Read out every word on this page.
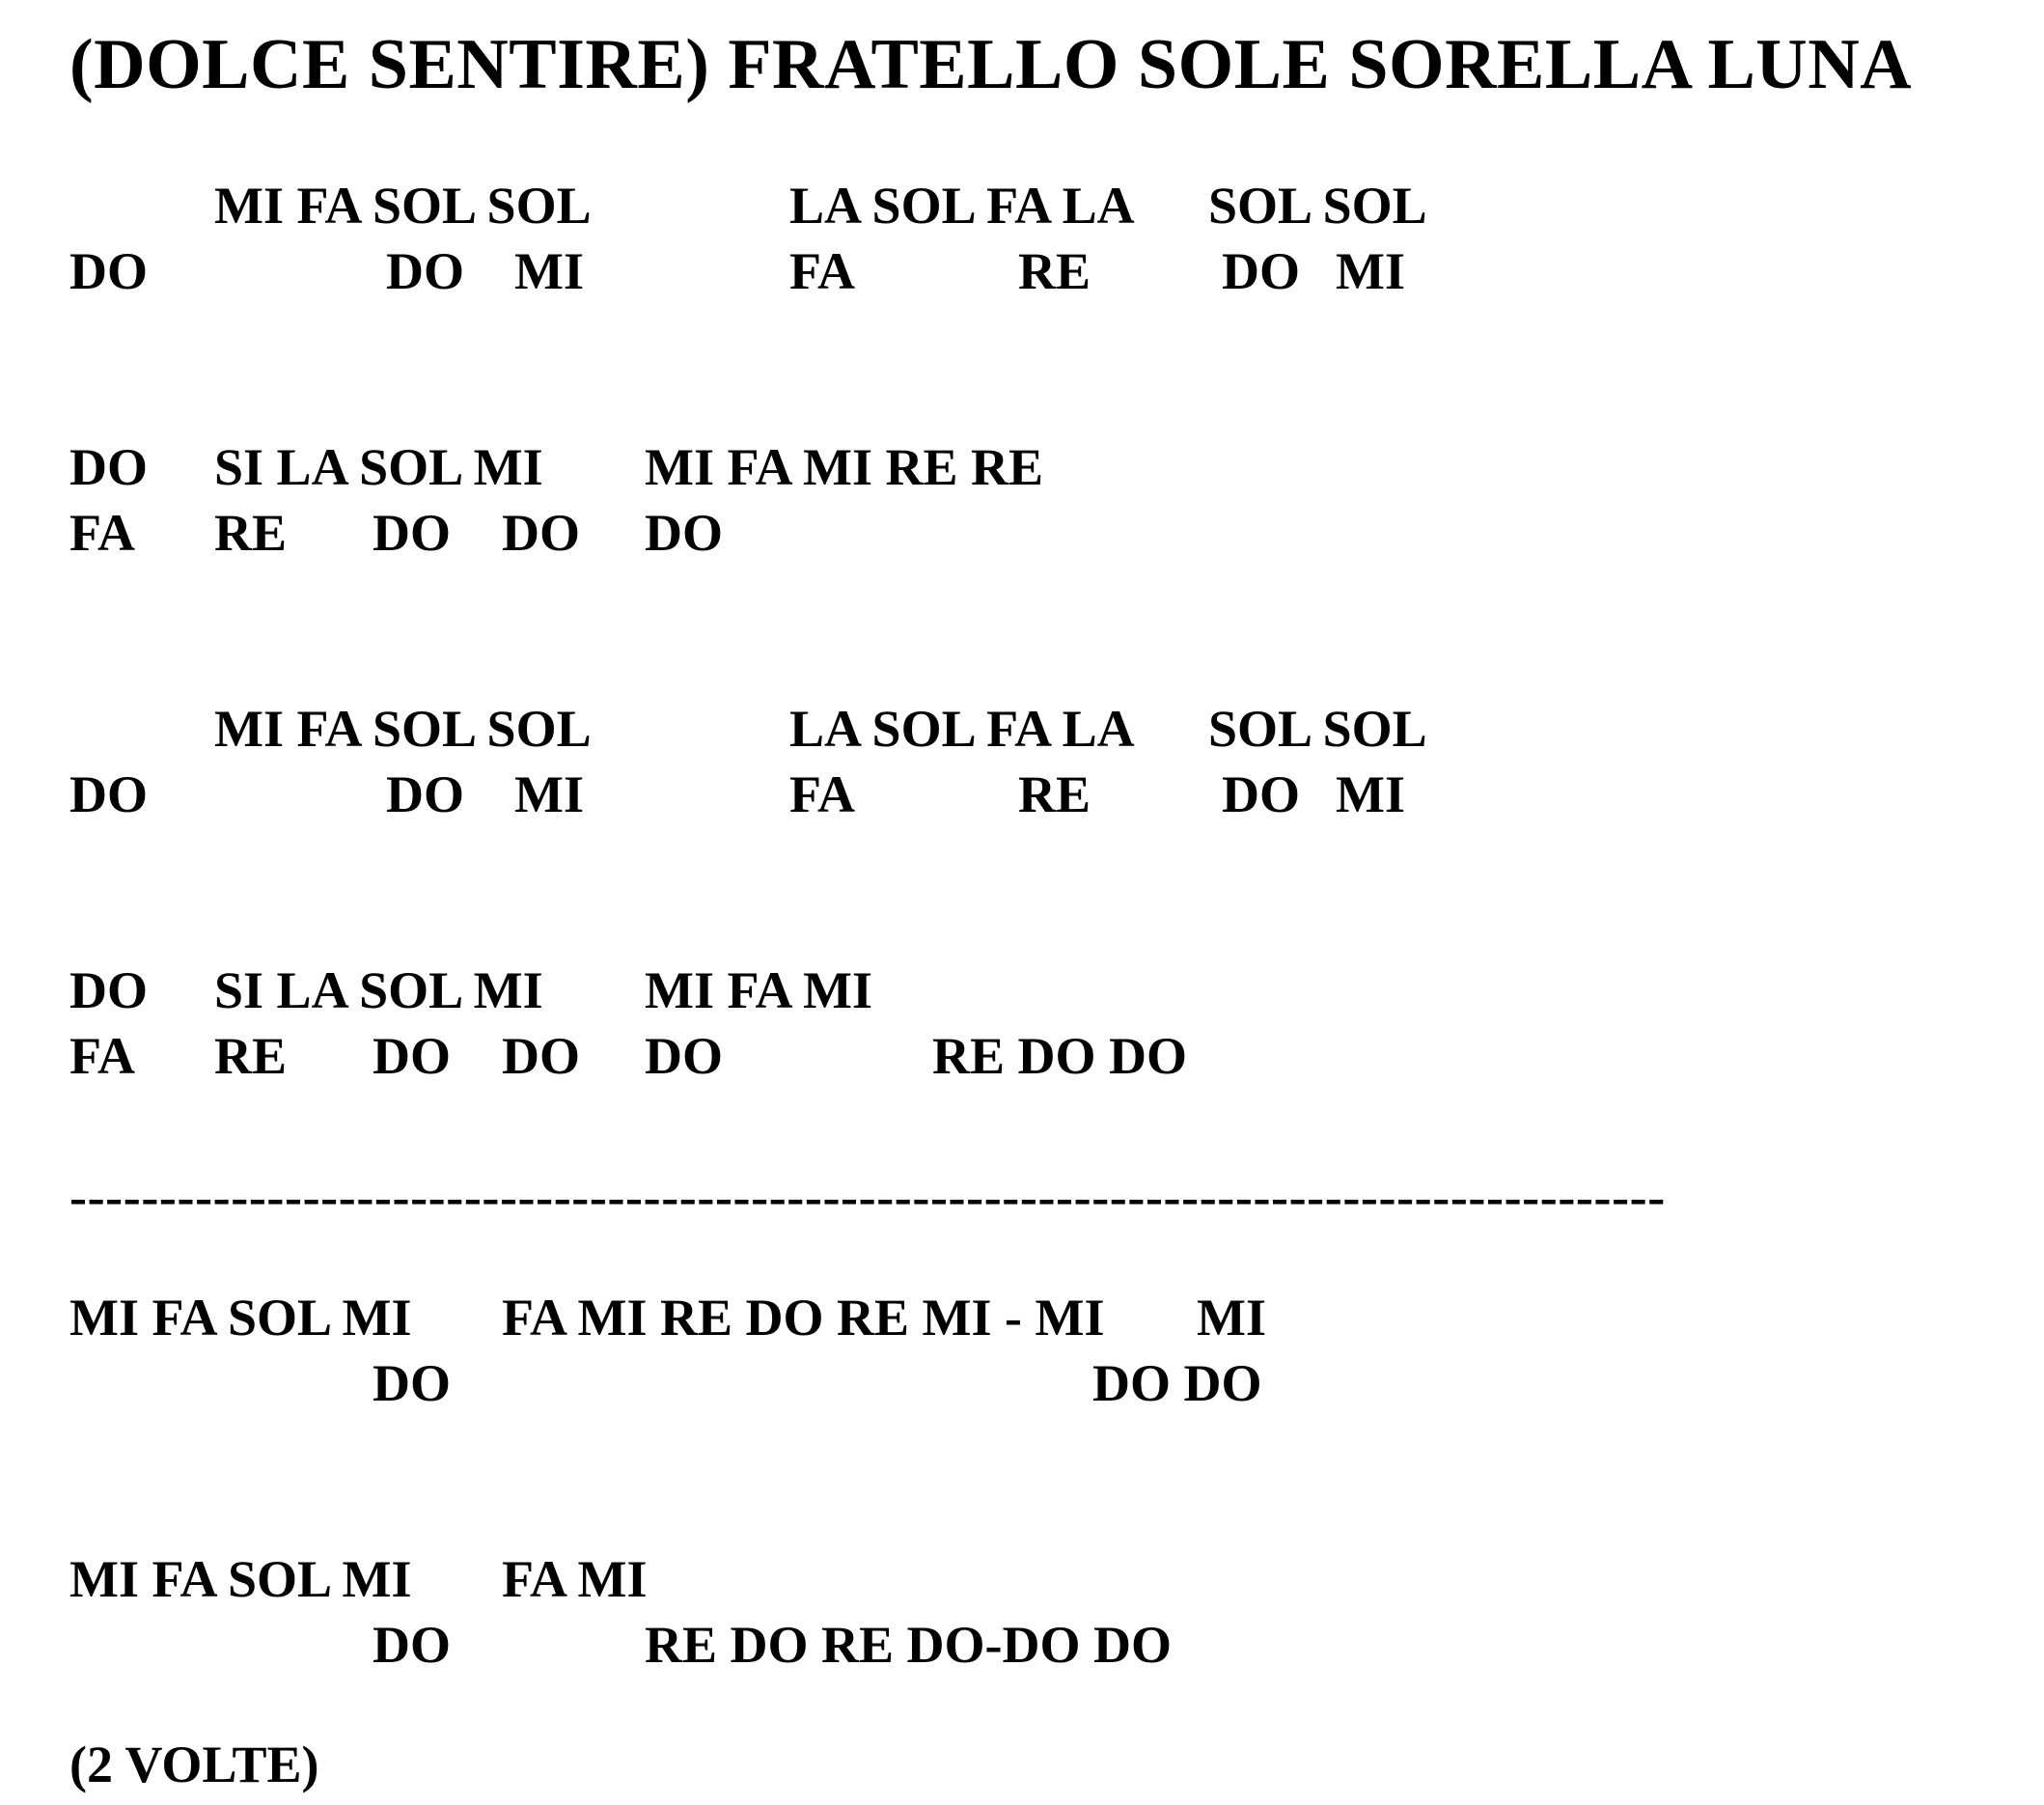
(DOLCE SENTIRE) FRATELLO SOLE SORELLA LUNA
MI FA SOL SOL	LA SOL FA LA SOL SOL
DO	DO MI	FA	RE	DO MI
DO SI LA SOL MI MI FA MI RE RE
FA RE DO DO DO
MI FA SOL SOL	LA SOL FA LA SOL SOL
DO	DO MI	FA	RE	DO MI
DO SI LA SOL MI MI FA MI
FA RE DO DO DO	RE DO DO
-----------------------------------------------------------------------------------------
MI FA SOL MI FA MI RE DO RE MI - MI MI
DO	DO DO
MI FA SOL MI FA MI
DO	RE DO RE DO-DO DO
(2 VOLTE)
